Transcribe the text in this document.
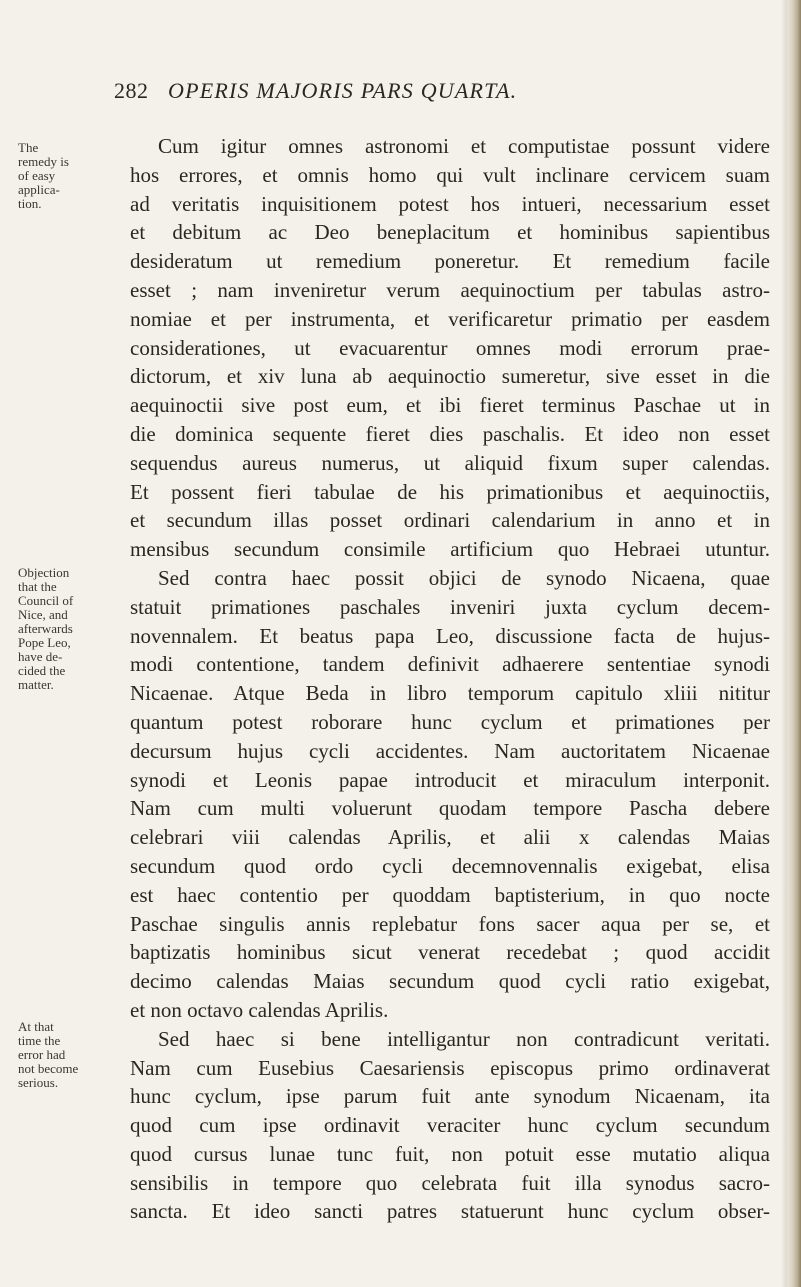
282 OPERIS MAJORIS PARS QUARTA.
The
remedy is
of easy
applica-
tion.
Objection
that the
Council of
Nice, and
afterwards
Pope Leo,
have de-
cided the
matter.
At that
time the
error had
not become
serious.
Cum igitur omnes astronomi et computistae possunt videre
hos errores, et omnis homo qui vult inclinare cervicem suam
ad veritatis inquisitionem potest hos intueri, necessarium esset
et debitum ac Deo beneplacitum et hominibus sapientibus
desideratum ut remedium poneretur. Et remedium facile
esset ; nam inveniretur verum aequinoctium per tabulas astro-
nomiae et per instrumenta, et verificaretur primatio per easdem
considerationes, ut evacuarentur omnes modi errorum prae-
dictorum, et xiv luna ab aequinoctio sumeretur, sive esset in die
aequinoctii sive post eum, et ibi fieret terminus Paschae ut in
die dominica sequente fieret dies paschalis. Et ideo non esset
sequendus aureus numerus, ut aliquid fixum super calendas.
Et possent fieri tabulae de his primationibus et aequinoctiis,
et secundum illas posset ordinari calendarium in anno et in
mensibus secundum consimile artificium quo Hebraei utuntur.
Sed contra haec possit objici de synodo Nicaena, quae
statuit primationes paschales inveniri juxta cyclum decem-
novennalem. Et beatus papa Leo, discussione facta de hujus-
modi contentione, tandem definivit adhaerere sententiae synodi
Nicaenae. Atque Beda in libro temporum capitulo xliii nititur
quantum potest roborare hunc cyclum et primationes per
decursum hujus cycli accidentes. Nam auctoritatem Nicaenae
synodi et Leonis papae introducit et miraculum interponit.
Nam cum multi voluerunt quodam tempore Pascha debere
celebrari viii calendas Aprilis, et alii x calendas Maias
secundum quod ordo cycli decemnovennalis exigebat, elisa
est haec contentio per quoddam baptisterium, in quo nocte
Paschae singulis annis replebatur fons sacer aqua per se, et
baptizatis hominibus sicut venerat recedebat ; quod accidit
decimo calendas Maias secundum quod cycli ratio exigebat,
et non octavo calendas Aprilis.
Sed haec si bene intelligantur non contradicunt veritati.
Nam cum Eusebius Caesariensis episcopus primo ordinaverat
hunc cyclum, ipse parum fuit ante synodum Nicaenam, ita
quod cum ipse ordinavit veraciter hunc cyclum secundum
quod cursus lunae tunc fuit, non potuit esse mutatio aliqua
sensibilis in tempore quo celebrata fuit illa synodus sacro-
sancta. Et ideo sancti patres statuerunt hunc cyclum obser-
